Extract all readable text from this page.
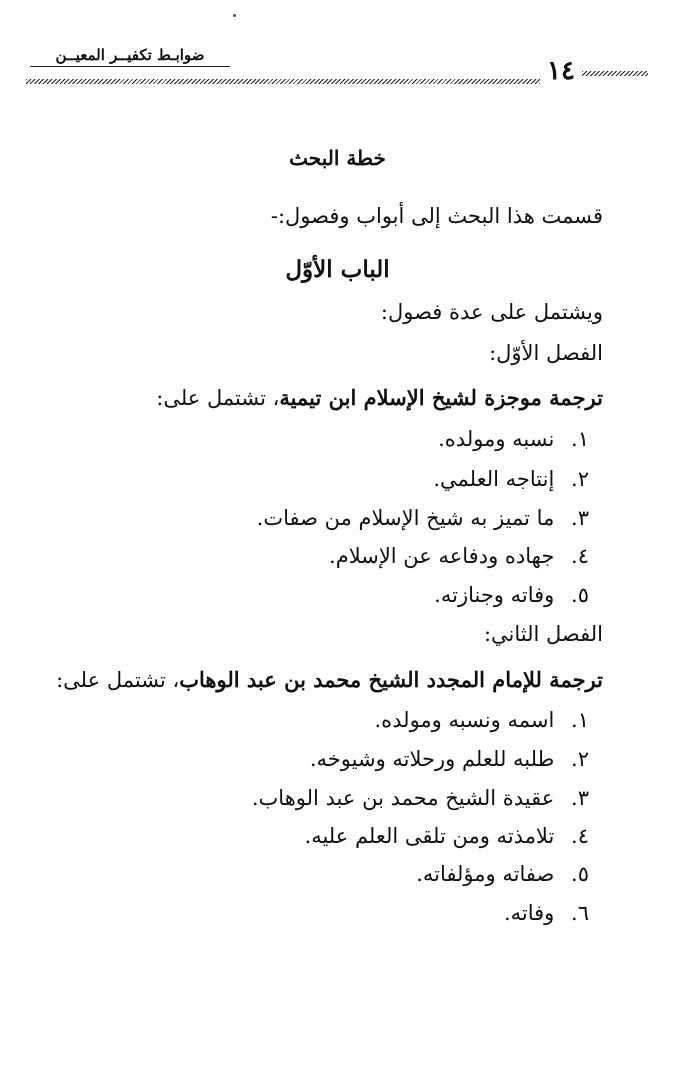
ضوابـط تكفيــر المعيــن
١٤
خطة البحث
قسمت هذا البحث إلى أبواب وفصول:-
الباب الأوّل
ويشتمل على عدة فصول:
الفصل الأوّل:
ترجمة موجزة لشيخ الإسلام ابن تيمية، تشتمل على:
١. نسبه ومولده.
٢. إنتاجه العلمي.
٣. ما تميز به شيخ الإسلام من صفات.
٤. جهاده ودفاعه عن الإسلام.
٥. وفاته وجنازته.
الفصل الثاني:
ترجمة للإمام المجدد الشيخ محمد بن عبد الوهاب، تشتمل على:
١. اسمه ونسبه ومولده.
٢. طلبه للعلم ورحلاته وشيوخه.
٣. عقيدة الشيخ محمد بن عبد الوهاب.
٤. تلامذته ومن تلقى العلم عليه.
٥. صفاته ومؤلفاته.
٦. وفاته.
